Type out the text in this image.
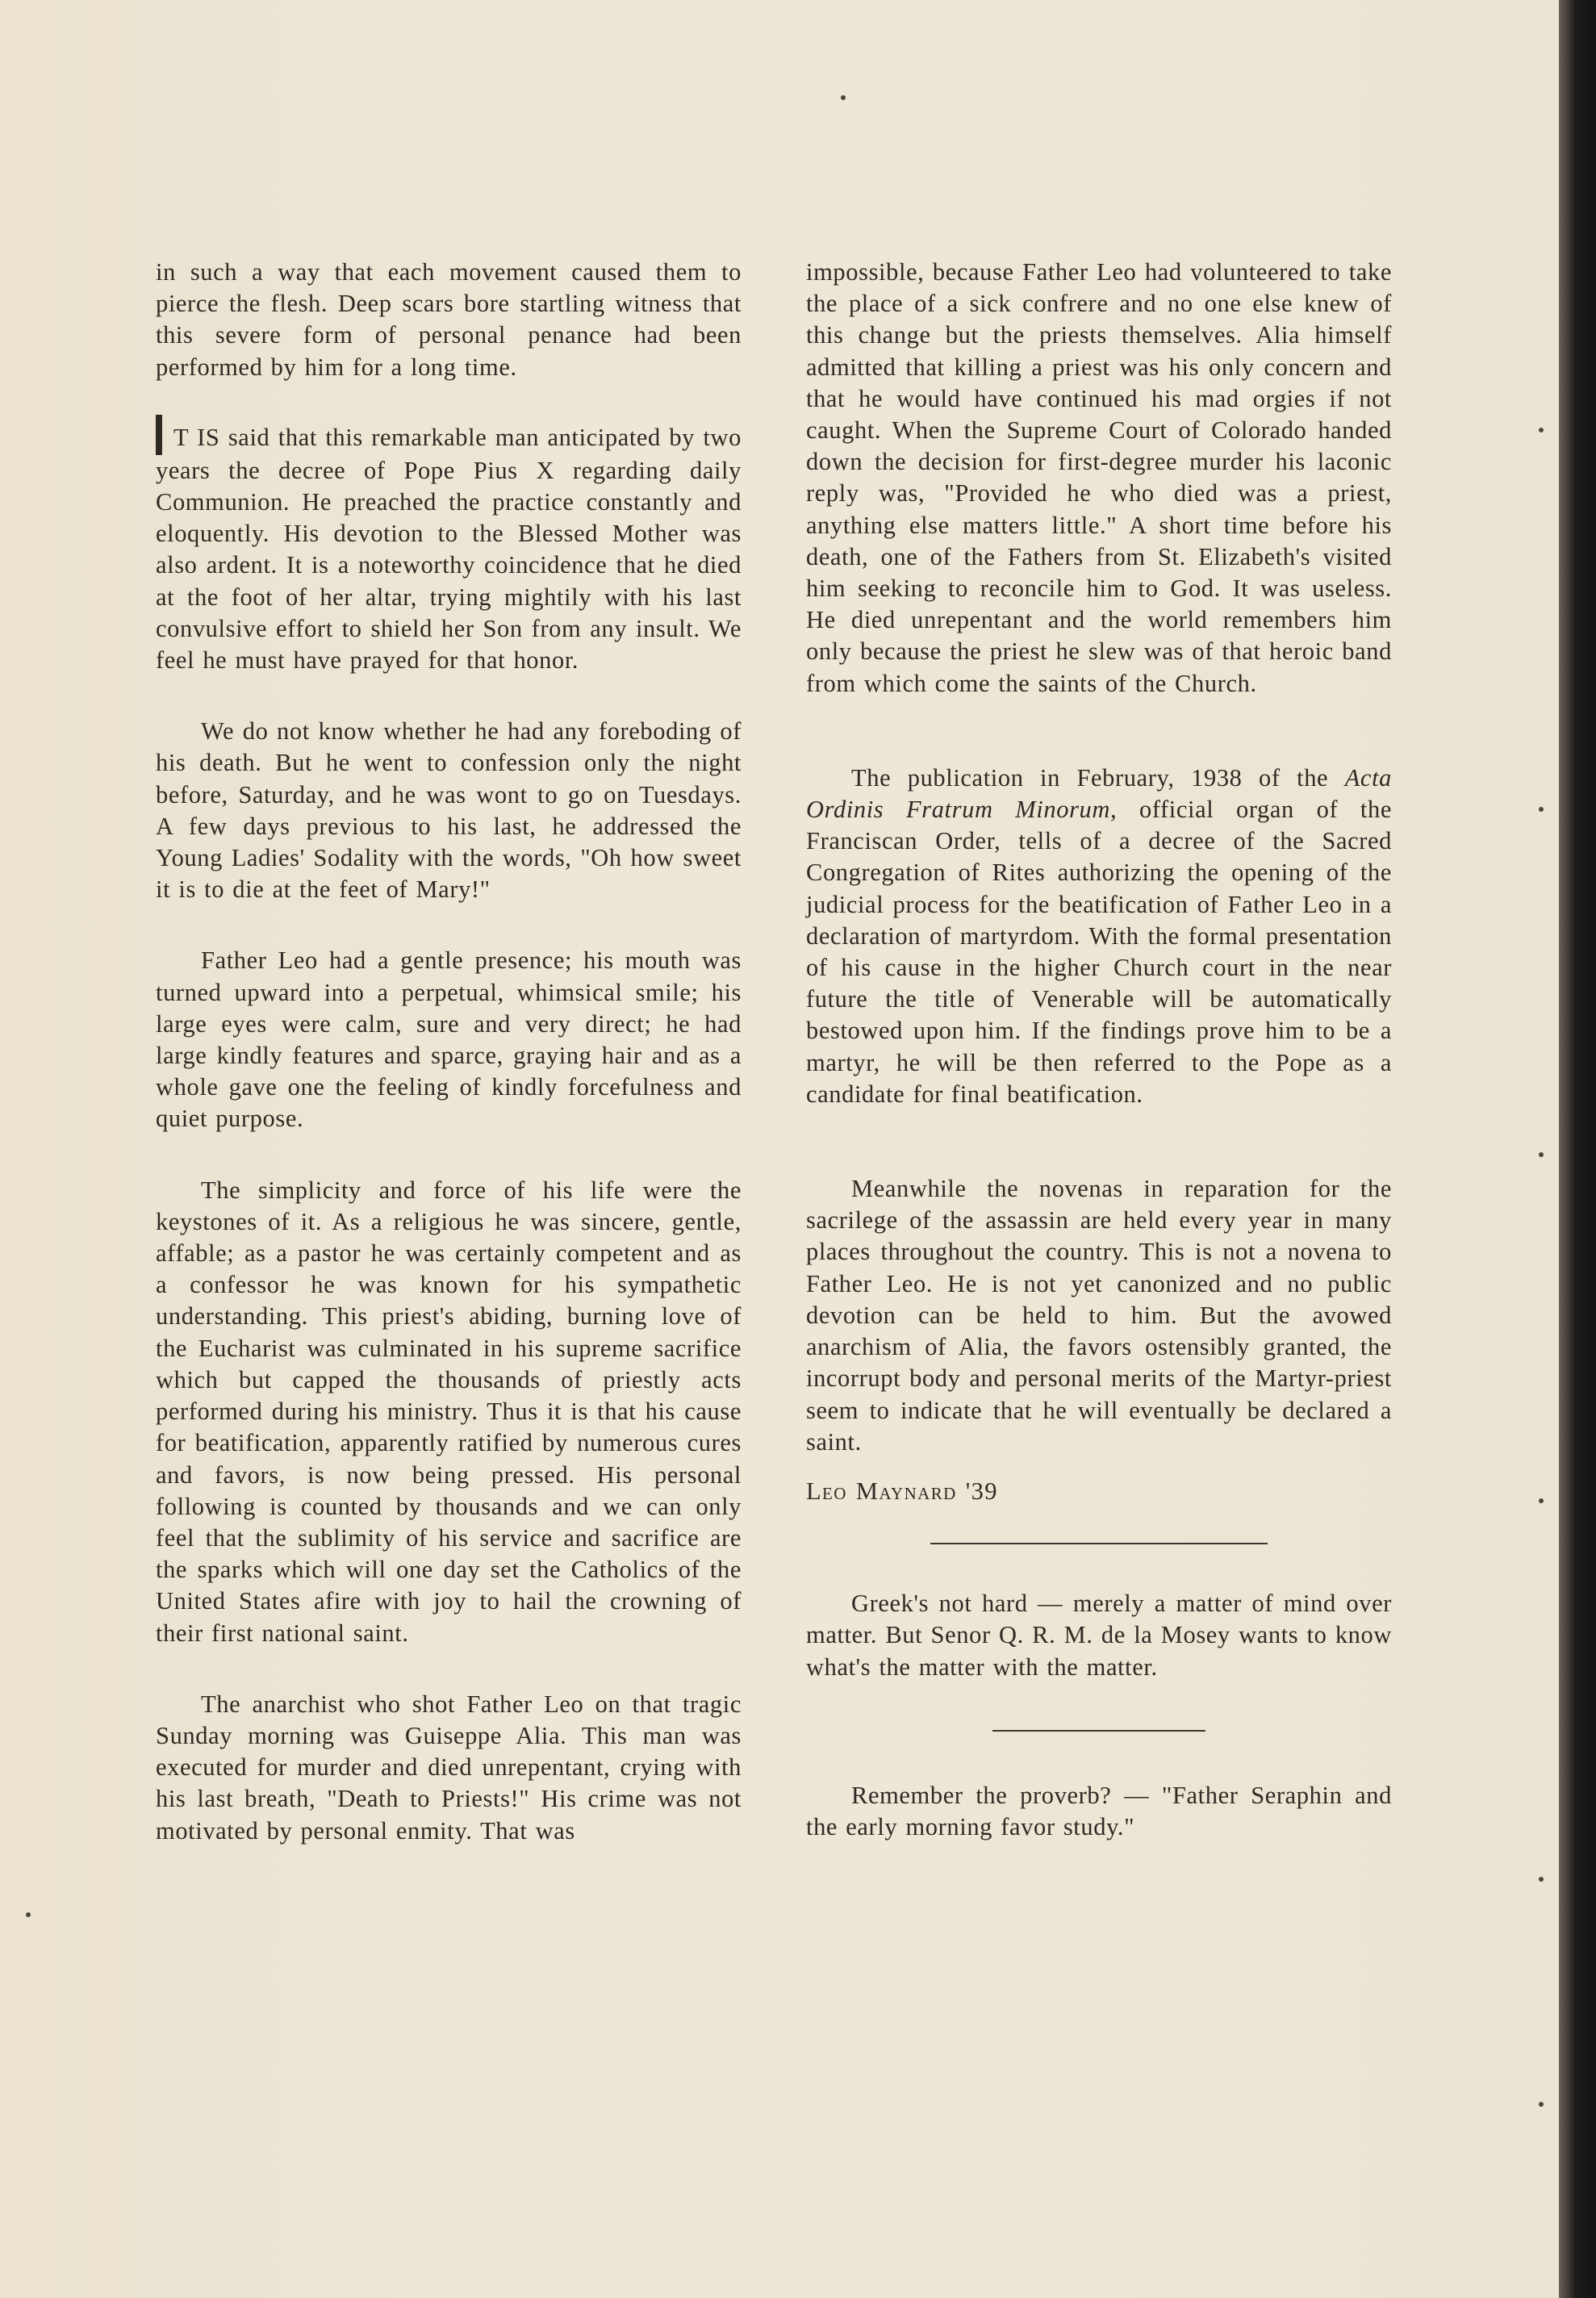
in such a way that each movement caused them to pierce the flesh. Deep scars bore startling witness that this severe form of personal penance had been performed by him for a long time.

T IS said that this remarkable man anticipated by two years the decree of Pope Pius X regarding daily Communion. He preached the practice constantly and eloquently. His devotion to the Blessed Mother was also ardent. It is a noteworthy coincidence that he died at the foot of her altar, trying mightily with his last convulsive effort to shield her Son from any insult. We feel he must have prayed for that honor.

We do not know whether he had any foreboding of his death. But he went to confession only the night before, Saturday, and he was wont to go on Tuesdays. A few days previous to his last, he addressed the Young Ladies' Sodality with the words, "Oh how sweet it is to die at the feet of Mary!"

Father Leo had a gentle presence; his mouth was turned upward into a perpetual, whimsical smile; his large eyes were calm, sure and very direct; he had large kindly features and sparce, graying hair and as a whole gave one the feeling of kindly forcefulness and quiet purpose.

The simplicity and force of his life were the keystones of it. As a religious he was sincere, gentle, affable; as a pastor he was certainly competent and as a confessor he was known for his sympathetic understanding. This priest's abiding, burning love of the Eucharist was culminated in his supreme sacrifice which but capped the thousands of priestly acts performed during his ministry. Thus it is that his cause for beatification, apparently ratified by numerous cures and favors, is now being pressed. His personal following is counted by thousands and we can only feel that the sublimity of his service and sacrifice are the sparks which will one day set the Catholics of the United States afire with joy to hail the crowning of their first national saint.

The anarchist who shot Father Leo on that tragic Sunday morning was Guiseppe Alia. This man was executed for murder and died unrepentant, crying with his last breath, "Death to Priests!" His crime was not motivated by personal enmity. That was

impossible, because Father Leo had volunteered to take the place of a sick confrere and no one else knew of this change but the priests themselves. Alia himself admitted that killing a priest was his only concern and that he would have continued his mad orgies if not caught. When the Supreme Court of Colorado handed down the decision for first-degree murder his laconic reply was, "Provided he who died was a priest, anything else matters little." A short time before his death, one of the Fathers from St. Elizabeth's visited him seeking to reconcile him to God. It was useless. He died unrepentant and the world remembers him only because the priest he slew was of that heroic band from which come the saints of the Church.

The publication in February, 1938 of the Acta Ordinis Fratrum Minorum, official organ of the Franciscan Order, tells of a decree of the Sacred Congregation of Rites authorizing the opening of the judicial process for the beatification of Father Leo in a declaration of martyrdom. With the formal presentation of his cause in the higher Church court in the near future the title of Venerable will be automatically bestowed upon him. If the findings prove him to be a martyr, he will be then referred to the Pope as a candidate for final beatification.

Meanwhile the novenas in reparation for the sacrilege of the assassin are held every year in many places throughout the country. This is not a novena to Father Leo. He is not yet canonized and no public devotion can be held to him. But the avowed anarchism of Alia, the favors ostensibly granted, the incorrupt body and personal merits of the Martyr-priest seem to indicate that he will eventually be declared a saint.

Leo Maynard '39

Greek's not hard — merely a matter of mind over matter. But Senor Q. R. M. de la Mosey wants to know what's the matter with the matter.

Remember the proverb? — "Father Seraphin and the early morning favor study."
